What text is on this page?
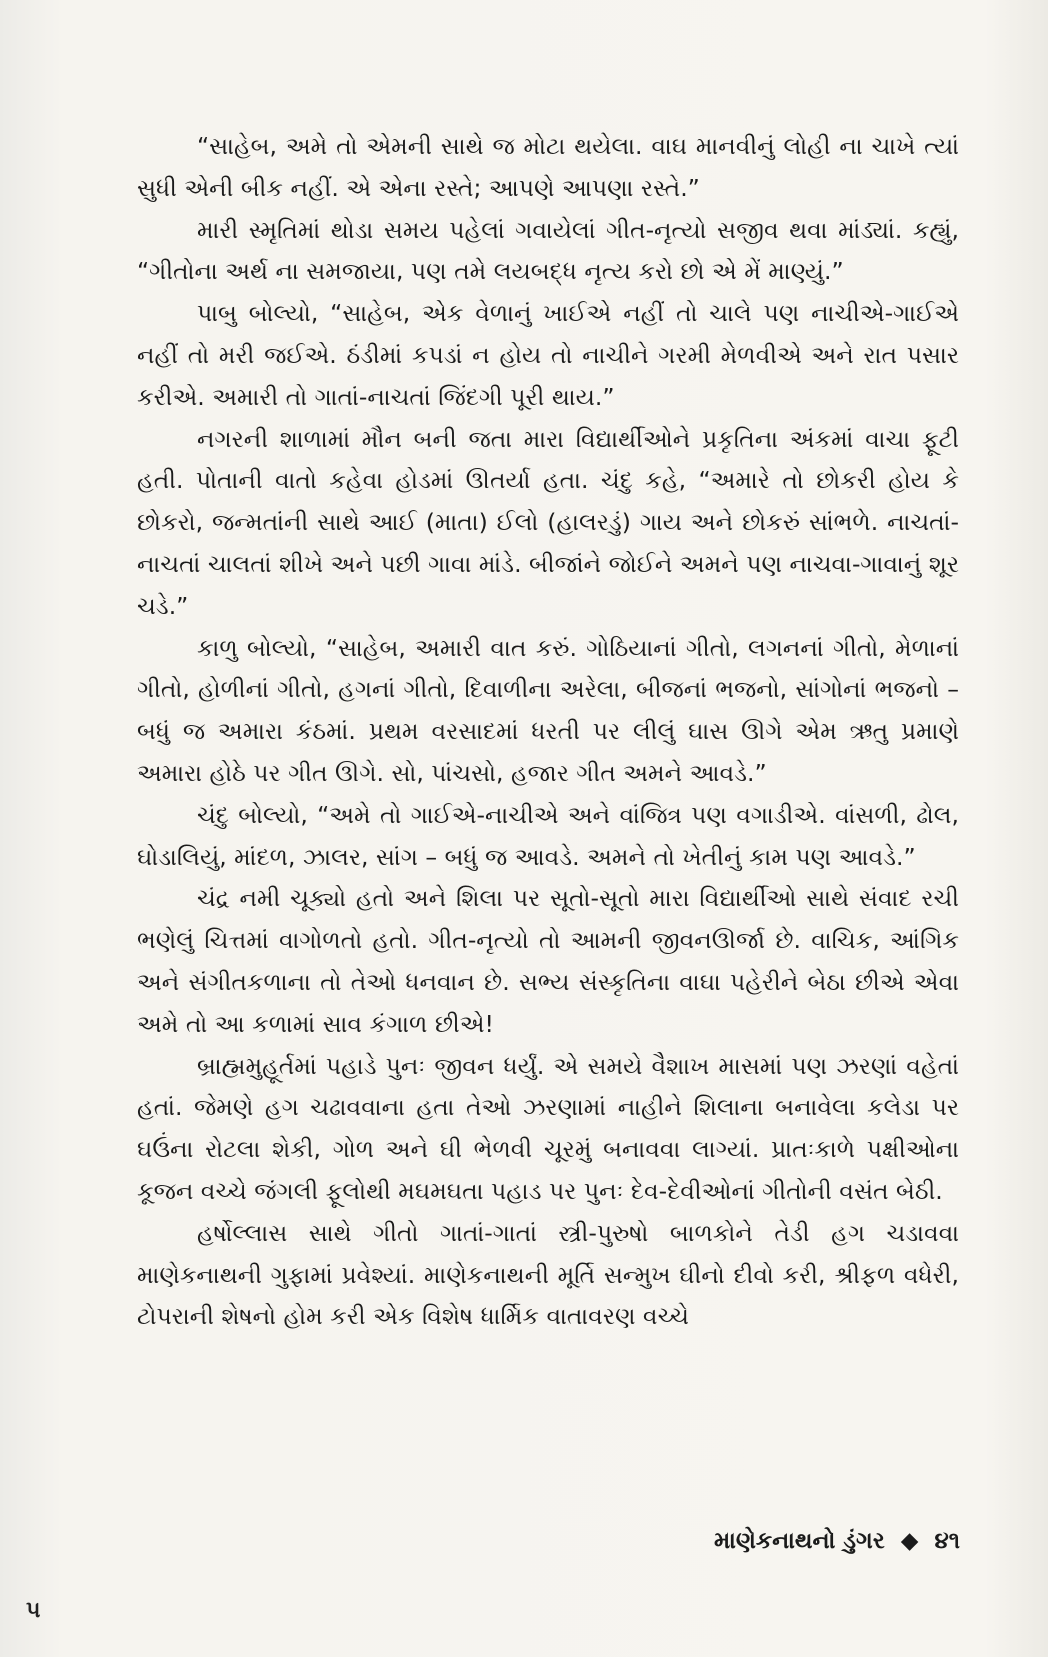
“સાહેબ, અમે તો એમની સાથે જ મોટા થયેલા. વાઘ માનવીનું લોહી ના ચાખે ત્યાં સુધી એની બીક નહીં. એ એના રસ્તે; આપણે આપણા રસ્તે.”

મારી સ્મૃતિમાં થોડા સમય પહેલાં ગવાયેલાં ગીત-નૃત્યો સજીવ થવા માંડ્યાં. કહ્યું, “ગીતોના અર્થ ના સમજાયા, પણ તમે લયબદ્ધ નૃત્ય કરો છો એ મેં માણ્યું.”

પાબુ બોલ્યો, “સાહેબ, એક વેળાનું ખાઈએ નહીં તો ચાલે પણ નાચીએ-ગાઈએ નહીં તો મરી જઈએ. ઠંડીમાં કપડાં ન હોય તો નાચીને ગરમી મેળવીએ અને રાત પસાર કરીએ. અમારી તો ગાતાં-નાચતાં જિંદગી પૂરી થાય.”

નગરની શાળામાં મૌન બની જતા મારા વિદ્યાર્થીઓને પ્રકૃતિના અંકમાં વાચા ફૂટી હતી. પોતાની વાતો કહેવા હોડમાં ઊતર્યા હતા. ચંદુ કહે, “અમારે તો છોકરી હોય કે છોકરો, જન્મતાંની સાથે આઈ (માતા) ઈલો (હાલરડું) ગાય અને છોકરું સાંભળે. નાચતાં-નાચતાં ચાલતાં શીખે અને પછી ગાવા માંડે. બીજાંને જોઈને અમને પણ નાચવા-ગાવાનું શૂર ચડે.”

કાળુ બોલ્યો, “સાહેબ, અમારી વાત કરું. ગોઠિયાનાં ગીતો, લગનનાં ગીતો, મેળાનાં ગીતો, હોળીનાં ગીતો, હગનાં ગીતો, દિવાળીના અરેલા, બીજનાં ભજનો, સાંગોનાં ભજનો – બધું જ અમારા કંઠમાં. પ્રથમ વરસાદમાં ધરતી પર લીલું ઘાસ ઊગે એમ ઋતુ પ્રમાણે અમારા હોઠે પર ગીત ઊગે. સો, પાંચસો, હજાર ગીત અમને આવડે.”

ચંદુ બોલ્યો, “અમે તો ગાઈએ-નાચીએ અને વાંજિત્ર પણ વગાડીએ. વાંસળી, ઢોલ, ઘોડાલિયું, માંદળ, ઝાલર, સાંગ – બધું જ આવડે. અમને તો ખેતીનું કામ પણ આવડે.”

ચંદ્ર નમી ચૂક્યો હતો અને શિલા પર સૂતો-સૂતો મારા વિદ્યાર્થીઓ સાથે સંવાદ રચી ભણેલું ચિત્તમાં વાગોળતો હતો. ગીત-નૃત્યો તો આમની જીવનઊર્જા છે. વાચિક, આંગિક અને સંગીતકળાના તો તેઓ ધનવાન છે. સભ્ય સંસ્કૃતિના વાઘા પહેરીને બેઠા છીએ એવા અમે તો આ કળામાં સાવ કંગાળ છીએ!

બ્રાહ્મમુહૂર્તમાં પહાડે પુનઃ જીવન ધર્યું. એ સમયે વૈશાખ માસમાં પણ ઝરણાં વહેતાં હતાં. જેમણે હગ ચઢાવવાના હતા તેઓ ઝરણામાં નાહીને શિલાના બનાવેલા કલેડા પર ઘઉંના રોટલા શેકી, ગોળ અને ઘી ભેળવી ચૂરમું બનાવવા લાગ્યાં. પ્રાતઃકાળે પક્ષીઓના કૂજન વચ્ચે જંગલી ફૂલોથી મઘમઘતા પહાડ પર પુનઃ દેવ-દેવીઓનાં ગીતોની વસંત બેઠી.

હર્ષોલ્લાસ સાથે ગીતો ગાતાં-ગાતાં સ્ત્રી-પુરુષો બાળકોને તેડી હગ ચડાવવા માણેકનાથની ગુફામાં પ્રવેશ્યાં. માણેકનાથની મૂર્તિ સન્મુખ ઘીનો દીવો કરી, શ્રીફળ વધેરી, ટોપરાની શેષનો હોમ કરી એક વિશેષ ધાર્મિક વાતાવરણ વચ્ચે

માણેકનાથનો ડુંગર ◆ ૪૧
૫
